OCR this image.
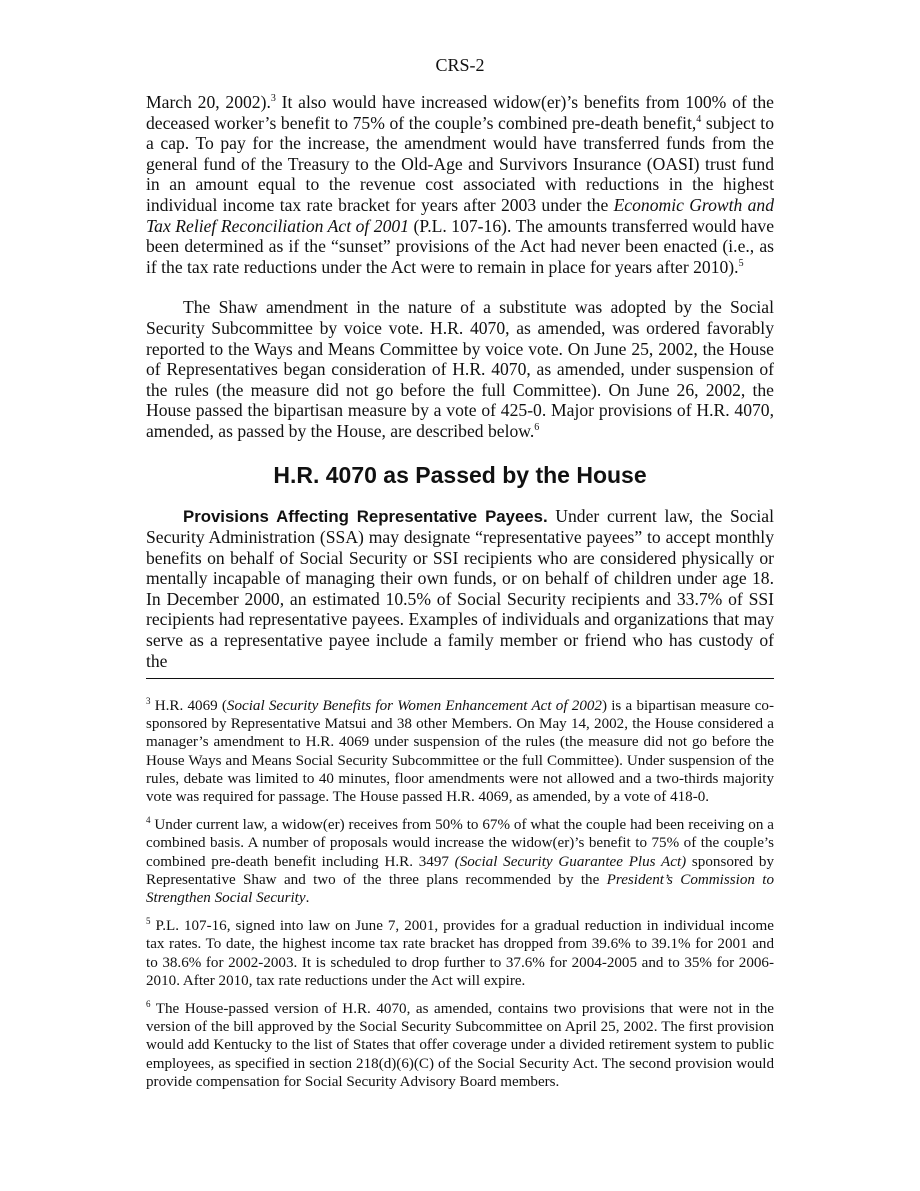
CRS-2

March 20, 2002).$^3$ It also would have increased widow(er)’s benefits from 100% of the deceased worker’s benefit to 75% of the couple’s combined pre-death benefit,$^4$ subject to a cap. To pay for the increase, the amendment would have transferred funds from the general fund of the Treasury to the Old-Age and Survivors Insurance (OASI) trust fund in an amount equal to the revenue cost associated with reductions in the highest individual income tax rate bracket for years after 2003 under the Economic Growth and Tax Relief Reconciliation Act of 2001 (P.L. 107-16). The amounts transferred would have been determined as if the “sunset” provisions of the Act had never been enacted (i.e., as if the tax rate reductions under the Act were to remain in place for years after 2010).$^5$

The Shaw amendment in the nature of a substitute was adopted by the Social Security Subcommittee by voice vote. H.R. 4070, as amended, was ordered favorably reported to the Ways and Means Committee by voice vote. On June 25, 2002, the House of Representatives began consideration of H.R. 4070, as amended, under suspension of the rules (the measure did not go before the full Committee). On June 26, 2002, the House passed the bipartisan measure by a vote of 425-0. Major provisions of H.R. 4070, amended, as passed by the House, are described below.$^6$

H.R. 4070 as Passed by the House

Provisions Affecting Representative Payees. Under current law, the Social Security Administration (SSA) may designate “representative payees” to accept monthly benefits on behalf of Social Security or SSI recipients who are considered physically or mentally incapable of managing their own funds, or on behalf of children under age 18. In December 2000, an estimated 10.5% of Social Security recipients and 33.7% of SSI recipients had representative payees. Examples of individuals and organizations that may serve as a representative payee include a family member or friend who has custody of the

$^3$ H.R. 4069 (Social Security Benefits for Women Enhancement Act of 2002) is a bipartisan measure co-sponsored by Representative Matsui and 38 other Members. On May 14, 2002, the House considered a manager’s amendment to H.R. 4069 under suspension of the rules (the measure did not go before the House Ways and Means Social Security Subcommittee or the full Committee). Under suspension of the rules, debate was limited to 40 minutes, floor amendments were not allowed and a two-thirds majority vote was required for passage. The House passed H.R. 4069, as amended, by a vote of 418-0.

$^4$ Under current law, a widow(er) receives from 50% to 67% of what the couple had been receiving on a combined basis. A number of proposals would increase the widow(er)’s benefit to 75% of the couple’s combined pre-death benefit including H.R. 3497 (Social Security Guarantee Plus Act) sponsored by Representative Shaw and two of the three plans recommended by the President’s Commission to Strengthen Social Security.

$^5$ P.L. 107-16, signed into law on June 7, 2001, provides for a gradual reduction in individual income tax rates. To date, the highest income tax rate bracket has dropped from 39.6% to 39.1% for 2001 and to 38.6% for 2002-2003. It is scheduled to drop further to 37.6% for 2004-2005 and to 35% for 2006-2010. After 2010, tax rate reductions under the Act will expire.

$^6$ The House-passed version of H.R. 4070, as amended, contains two provisions that were not in the version of the bill approved by the Social Security Subcommittee on April 25, 2002. The first provision would add Kentucky to the list of States that offer coverage under a divided retirement system to public employees, as specified in section 218(d)(6)(C) of the Social Security Act. The second provision would provide compensation for Social Security Advisory Board members.
